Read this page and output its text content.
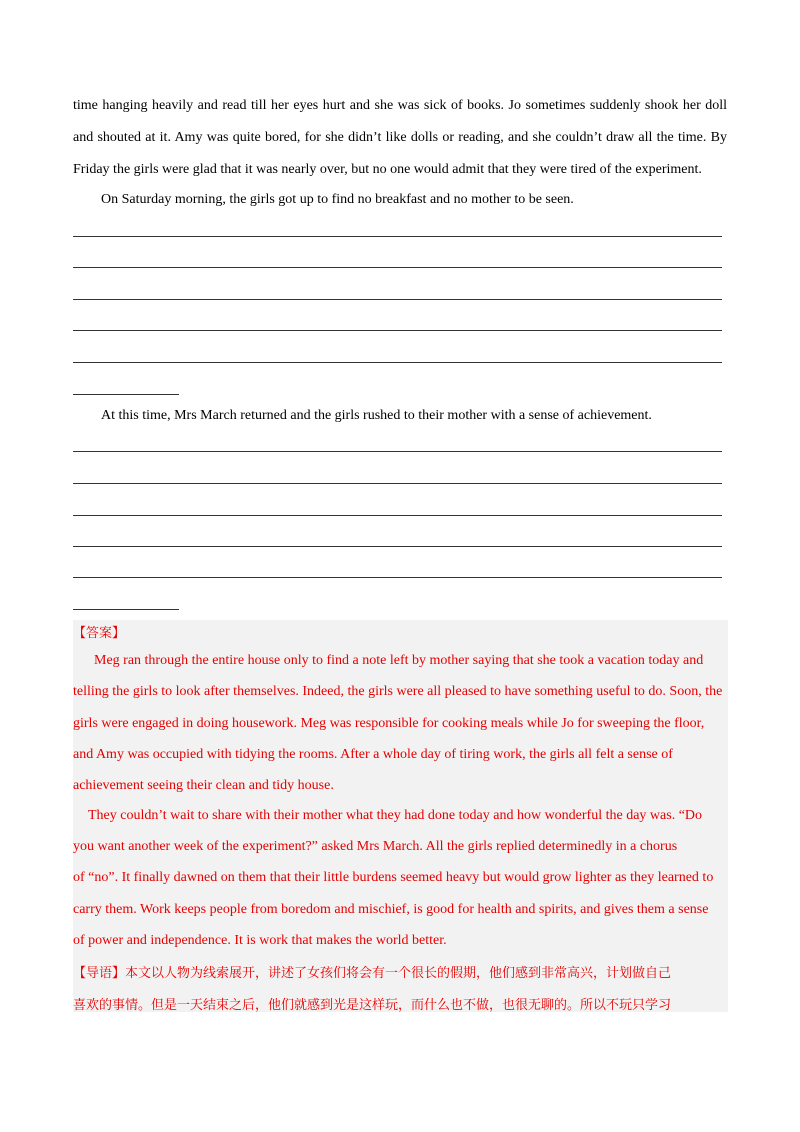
time hanging heavily and read till her eyes hurt and she was sick of books. Jo sometimes suddenly shook her doll
and shouted at it. Amy was quite bored, for she didn’t like dolls or reading, and she couldn’t draw all the time. By
Friday the girls were glad that it was nearly over, but no one would admit that they were tired of the experiment.
On Saturday morning, the girls got up to find no breakfast and no mother to be seen.
At this time, Mrs March returned and the girls rushed to their mother with a sense of achievement.
【答案】
Meg ran through the entire house only to find a note left by mother saying that she took a vacation today and
telling the girls to look after themselves. Indeed, the girls were all pleased to have something useful to do. Soon, the
girls were engaged in doing housework. Meg was responsible for cooking meals while Jo for sweeping the floor,
and Amy was occupied with tidying the rooms. After a whole day of tiring work, the girls all felt a sense of
achievement seeing their clean and tidy house.
They couldn’t wait to share with their mother what they had done today and how wonderful the day was. “Do
you want another week of the experiment?” asked Mrs March. All the girls replied determinedly in a chorus
of “no”. It finally dawned on them that their little burdens seemed heavy but would grow lighter as they learned to
carry them. Work keeps people from boredom and mischief, is good for health and spirits, and gives them a sense
of power and independence. It is work that makes the world better.
【导语】本文以人物为线索展开，讲述了女孩们将会有一个很长的假期，他们感到非常高兴，计划做自己
喜欢的事情。但是一天结束之后，他们就感到光是这样玩，而什么也不做，也很无聊的。所以不玩只学习
